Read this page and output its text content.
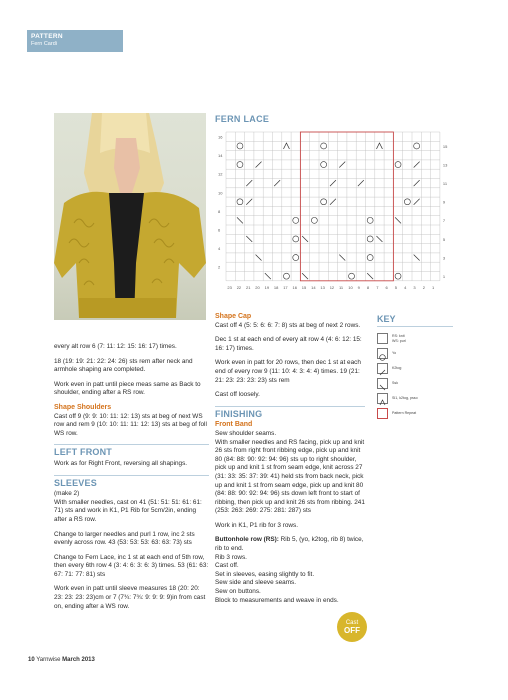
PATTERN
Fern Cardi
FERN LACE
16
14
12
10
8
6
4
2
15
13
11
9
7
5
3
1
23 22 21 20 19 18 17 16 15 14 13 12 11 10 9 8 7 6 5 4 3 2 1

every alt row 6 (7: 11: 12: 15: 16: 17) times.

18 (19: 19: 21: 22: 24: 26) sts rem after neck and armhole shaping are completed.

Work even in patt until piece meas same as Back to shoulder, ending after a RS row.

Shape Shoulders

Cast off 9 (9: 9: 10: 11: 12: 13) sts at beg of next WS row and rem 9 (10: 10: 11: 11: 12: 13) sts at beg of foll WS row.

LEFT FRONT

Work as for Right Front, reversing all shapings.

SLEEVES

(make 2)
With smaller needles, cast on 41 (51: 51: 51: 61: 61: 71) sts and work in K1, P1 Rib for 5cm/2in, ending after a RS row.

Change to larger needles and purl 1 row, inc 2 sts evenly across row. 43 (53: 53: 53: 63: 63: 73) sts

Change to Fern Lace, inc 1 st at each end of 5th row, then every 6th row 4 (3: 4: 6: 3: 6: 3) times. 53 (61: 63: 67: 71: 77: 81) sts

Work even in patt until sleeve measures 18 (20: 20: 23: 23: 23: 23)cm or 7 (7¾: 7¾: 9: 9: 9: 9)in from cast on, ending after a WS row.

Shape Cap

Cast off 4 (5: 5: 6: 6: 7: 8) sts at beg of next 2 rows.

Dec 1 st at each end of every alt row 4 (4: 6: 12: 15: 16: 17) times.

Work even in patt for 20 rows, then dec 1 st at each end of every row 9 (11: 10: 4: 3: 4: 4) times. 19 (21: 21: 23: 23: 23: 23) sts rem

Cast off loosely.

FINISHING
Front Band

Sew shoulder seams.
With smaller needles and RS facing, pick up and knit 26 sts from right front ribbing edge, pick up and knit 80 (84: 88: 90: 92: 94: 96) sts up to right shoulder, pick up and knit 1 st from seam edge, knit across 27 (31: 33: 35: 37: 39: 41) held sts from back neck, pick up and knit 1 st from seam edge, pick up and knit 80 (84: 88: 90: 92: 94: 96) sts down left front to start of ribbing, then pick up and knit 26 sts from ribbing. 241 (253: 263: 269: 275: 281: 287) sts

Work in K1, P1 rib for 3 rows.

Buttonhole row (RS): Rib 5, (yo, k2tog, rib 8) twice, rib to end.

Rib 3 rows.
Cast off.
Set in sleeves, easing slightly to fit.
Sew side and sleeve seams.
Sew on buttons.
Block to measurements and weave in ends.

KEY
RS: knit
WS: purl
Yo
K2tog
Ssk
Sl1, k2tog, psso
Pattern Repeat
Cast
OFF
10 Yarnwise March 2013
